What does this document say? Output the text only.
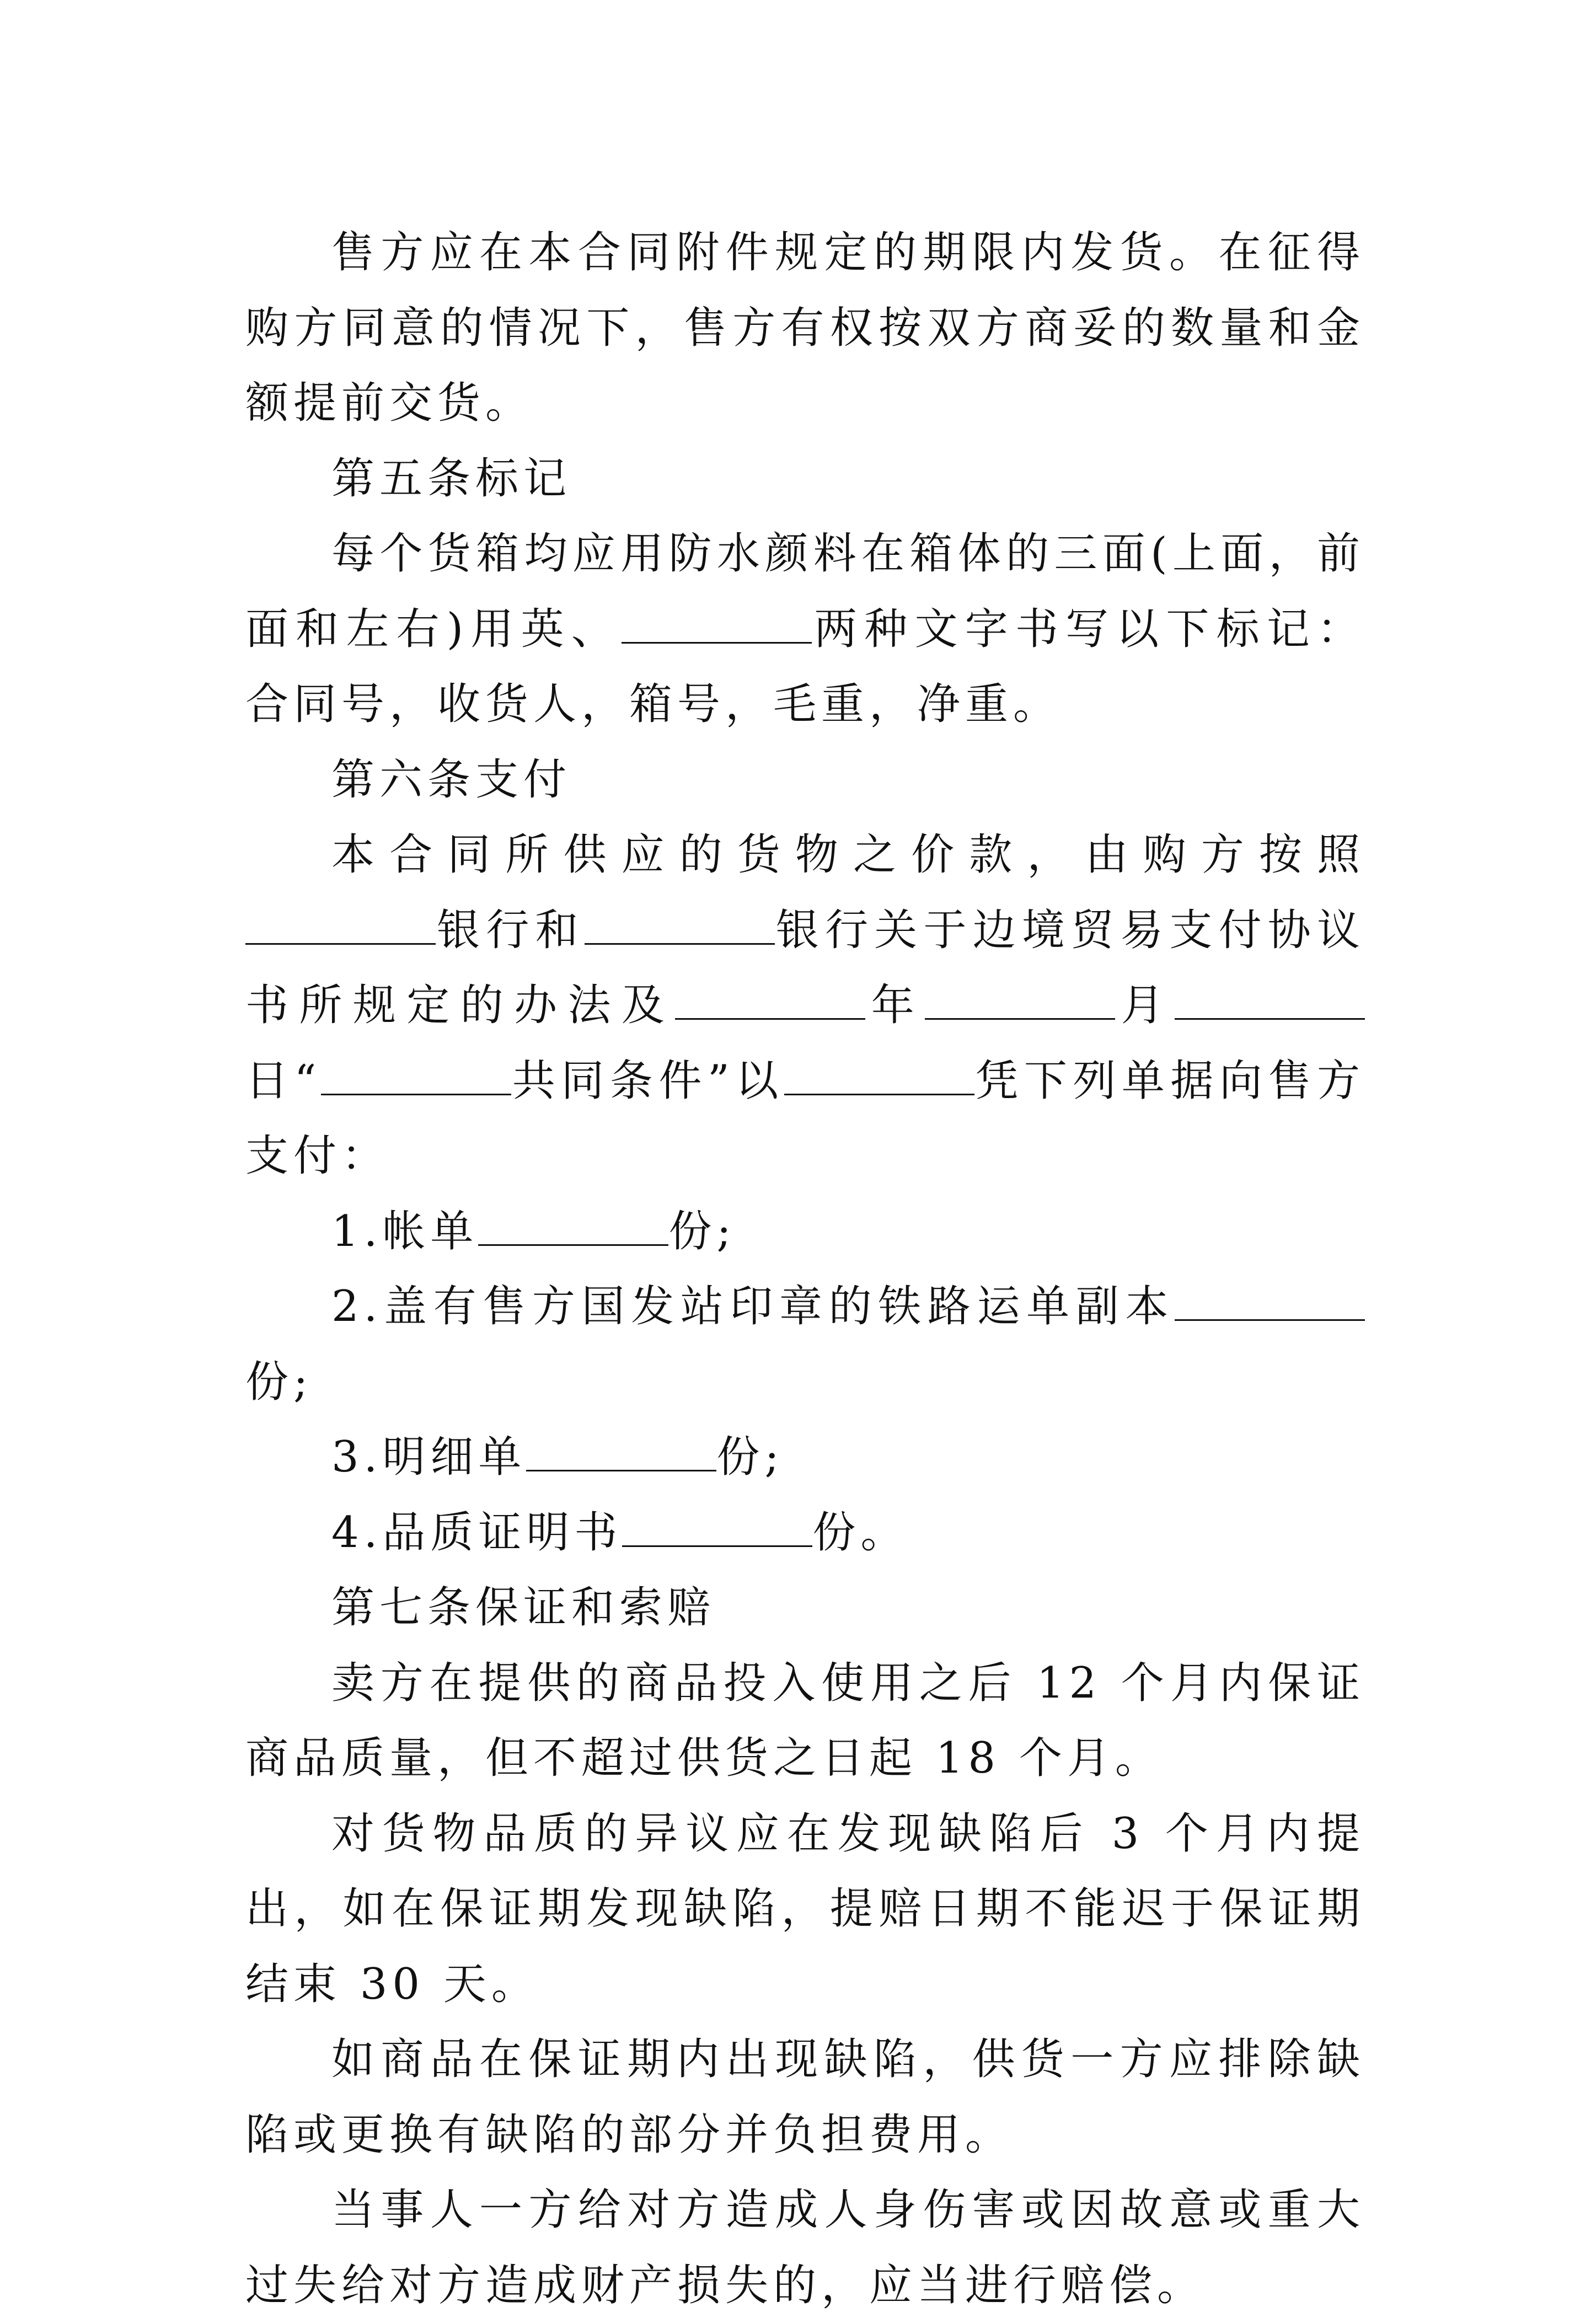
售方应在本合同附件规定的期限内发货。在征得购方同意的情况下，售方有权按双方商妥的数量和金额提前交货。

第五条标记

每个货箱均应用防水颜料在箱体的三面(上面，前面和左右)用英、	两种文字书写以下标记：合同号，收货人，箱号，毛重，净重。

第六条支付

本合同所供应的货物之价款，由购方按照银行和	银行关于边境贸易支付协议书所规定的办法及	年	月日“	共同条件”以	凭下列单据向售方支付：

1.帐单	份;

2.盖有售方国发站印章的铁路运单副本份;

3.明细单	份;

4.品质证明书	份。

第七条保证和索赔

卖方在提供的商品投入使用之后 12 个月内保证商品质量，但不超过供货之日起 18 个月。

对货物品质的异议应在发现缺陷后 3 个月内提出，如在保证期发现缺陷，提赔日期不能迟于保证期结束 30 天。

如商品在保证期内出现缺陷，供货一方应排除缺陷或更换有缺陷的部分并负担费用。

当事人一方给对方造成人身伤害或因故意或重大过失给对方造成财产损失的，应当进行赔偿。
